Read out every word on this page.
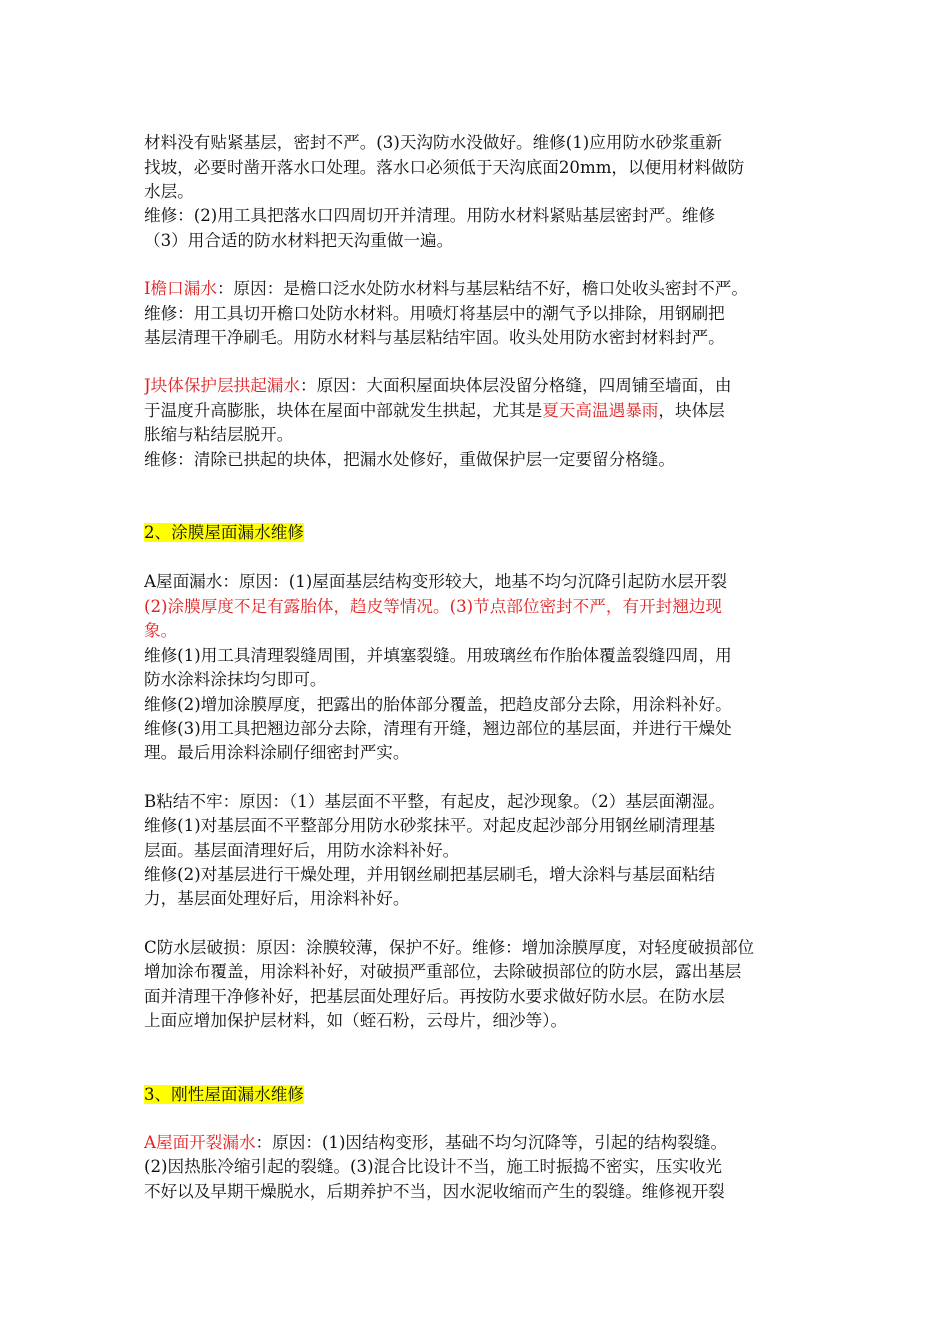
材料没有贴紧基层，密封不严。(3)天沟防水没做好。维修(1)应用防水砂浆重新
找坡，必要时凿开落水口处理。落水口必须低于天沟底面20mm，以便用材料做防
水层。
维修：(2)用工具把落水口四周切开并清理。用防水材料紧贴基层密封严。维修
（3）用合适的防水材料把天沟重做一遍。
I檐口漏水：原因：是檐口泛水处防水材料与基层粘结不好，檐口处收头密封不严。
维修：用工具切开檐口处防水材料。用喷灯将基层中的潮气予以排除，用钢刷把
基层清理干净刷毛。用防水材料与基层粘结牢固。收头处用防水密封材料封严。
J块体保护层拱起漏水：原因：大面积屋面块体层没留分格缝，四周铺至墙面，由
于温度升高膨胀，块体在屋面中部就发生拱起，尤其是夏天高温遇暴雨，块体层
胀缩与粘结层脱开。
维修：清除已拱起的块体，把漏水处修好，重做保护层一定要留分格缝。
2、涂膜屋面漏水维修
A屋面漏水：原因：(1)屋面基层结构变形较大，地基不均匀沉降引起防水层开裂
(2)涂膜厚度不足有露胎体，趋皮等情况。(3)节点部位密封不严，有开封翘边现
象。
维修(1)用工具清理裂缝周围，并填塞裂缝。用玻璃丝布作胎体覆盖裂缝四周，用
防水涂料涂抹均匀即可。
维修(2)增加涂膜厚度，把露出的胎体部分覆盖，把趋皮部分去除，用涂料补好。
维修(3)用工具把翘边部分去除，清理有开缝，翘边部位的基层面，并进行干燥处
理。最后用涂料涂刷仔细密封严实。
B粘结不牢：原因：（1）基层面不平整，有起皮，起沙现象。（2）基层面潮湿。
维修(1)对基层面不平整部分用防水砂浆抹平。对起皮起沙部分用钢丝刷清理基
层面。基层面清理好后，用防水涂料补好。
维修(2)对基层进行干燥处理，并用钢丝刷把基层刷毛，增大涂料与基层面粘结
力，基层面处理好后，用涂料补好。
C防水层破损：原因：涂膜较薄，保护不好。维修：增加涂膜厚度，对轻度破损部位
增加涂布覆盖，用涂料补好，对破损严重部位，去除破损部位的防水层，露出基层
面并清理干净修补好，把基层面处理好后。再按防水要求做好防水层。在防水层
上面应增加保护层材料，如（蛭石粉，云母片，细沙等）。
3、刚性屋面漏水维修
A屋面开裂漏水：原因：(1)因结构变形，基础不均匀沉降等，引起的结构裂缝。
(2)因热胀冷缩引起的裂缝。(3)混合比设计不当，施工时振捣不密实，压实收光
不好以及早期干燥脱水，后期养护不当，因水泥收缩而产生的裂缝。维修视开裂
